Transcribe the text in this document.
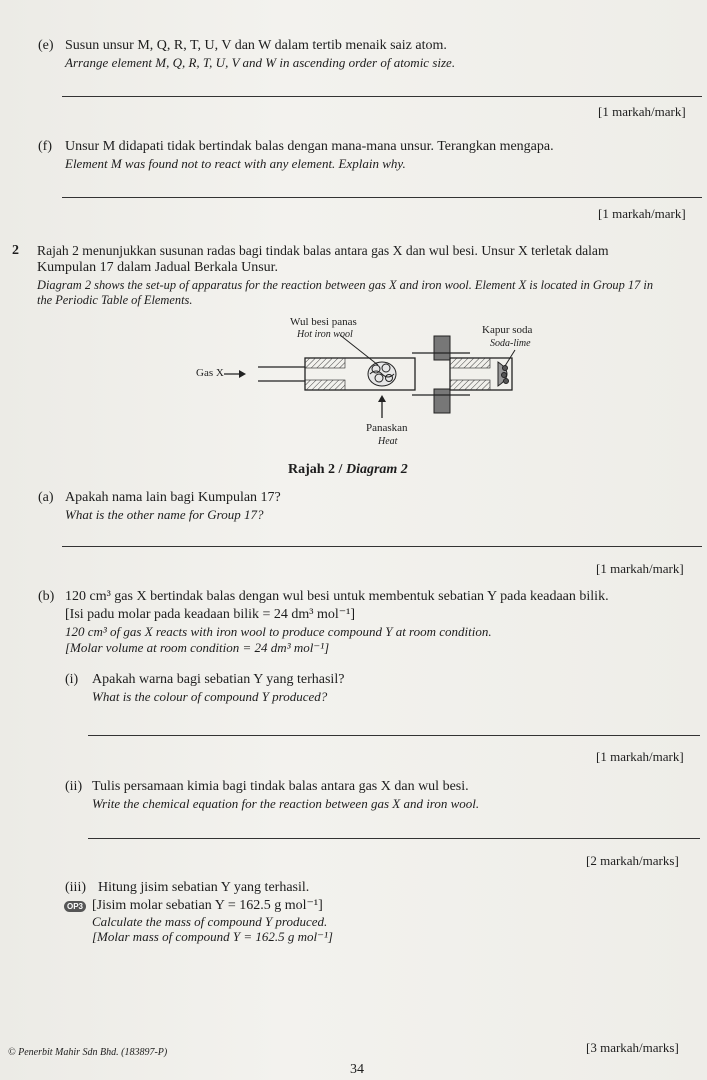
(e) Susun unsur M, Q, R, T, U, V dan W dalam tertib menaik saiz atom.
Arrange element M, Q, R, T, U, V and W in ascending order of atomic size.
[1 markah/mark]
(f) Unsur M didapati tidak bertindak balas dengan mana-mana unsur. Terangkan mengapa.
Element M was found not to react with any element. Explain why.
[1 markah/mark]
2 Rajah 2 menunjukkan susunan radas bagi tindak balas antara gas X dan wul besi. Unsur X terletak dalam
Kumpulan 17 dalam Jadual Berkala Unsur.
Diagram 2 shows the set-up of apparatus for the reaction between gas X and iron wool. Element X is located in Group 17 in
the Periodic Table of Elements.
Wul besi panas
Hot iron wool	Kapur soda
Soda-lime
Gas X
Panaskan
Heat
Rajah 2 / Diagram 2
(a) Apakah nama lain bagi Kumpulan 17?
What is the other name for Group 17?
[1 markah/mark]
(b) 120 cm³ gas X bertindak balas dengan wul besi untuk membentuk sebatian Y pada keadaan bilik.
[Isi padu molar pada keadaan bilik = 24 dm³ mol⁻¹]
120 cm³ of gas X reacts with iron wool to produce compound Y at room condition.
[Molar volume at room condition = 24 dm³ mol⁻¹]
(i) Apakah warna bagi sebatian Y yang terhasil?
What is the colour of compound Y produced?
[1 markah/mark]
(ii) Tulis persamaan kimia bagi tindak balas antara gas X dan wul besi.
Write the chemical equation for the reaction between gas X and iron wool.
[2 markah/marks]
(iii) Hitung jisim sebatian Y yang terhasil.
OP3 [Jisim molar sebatian Y = 162.5 g mol⁻¹]
Calculate the mass of compound Y produced.
[Molar mass of compound Y = 162.5 g mol⁻¹]
[3 markah/marks]
© Penerbit Mahir Sdn Bhd. (183897-P)
34
